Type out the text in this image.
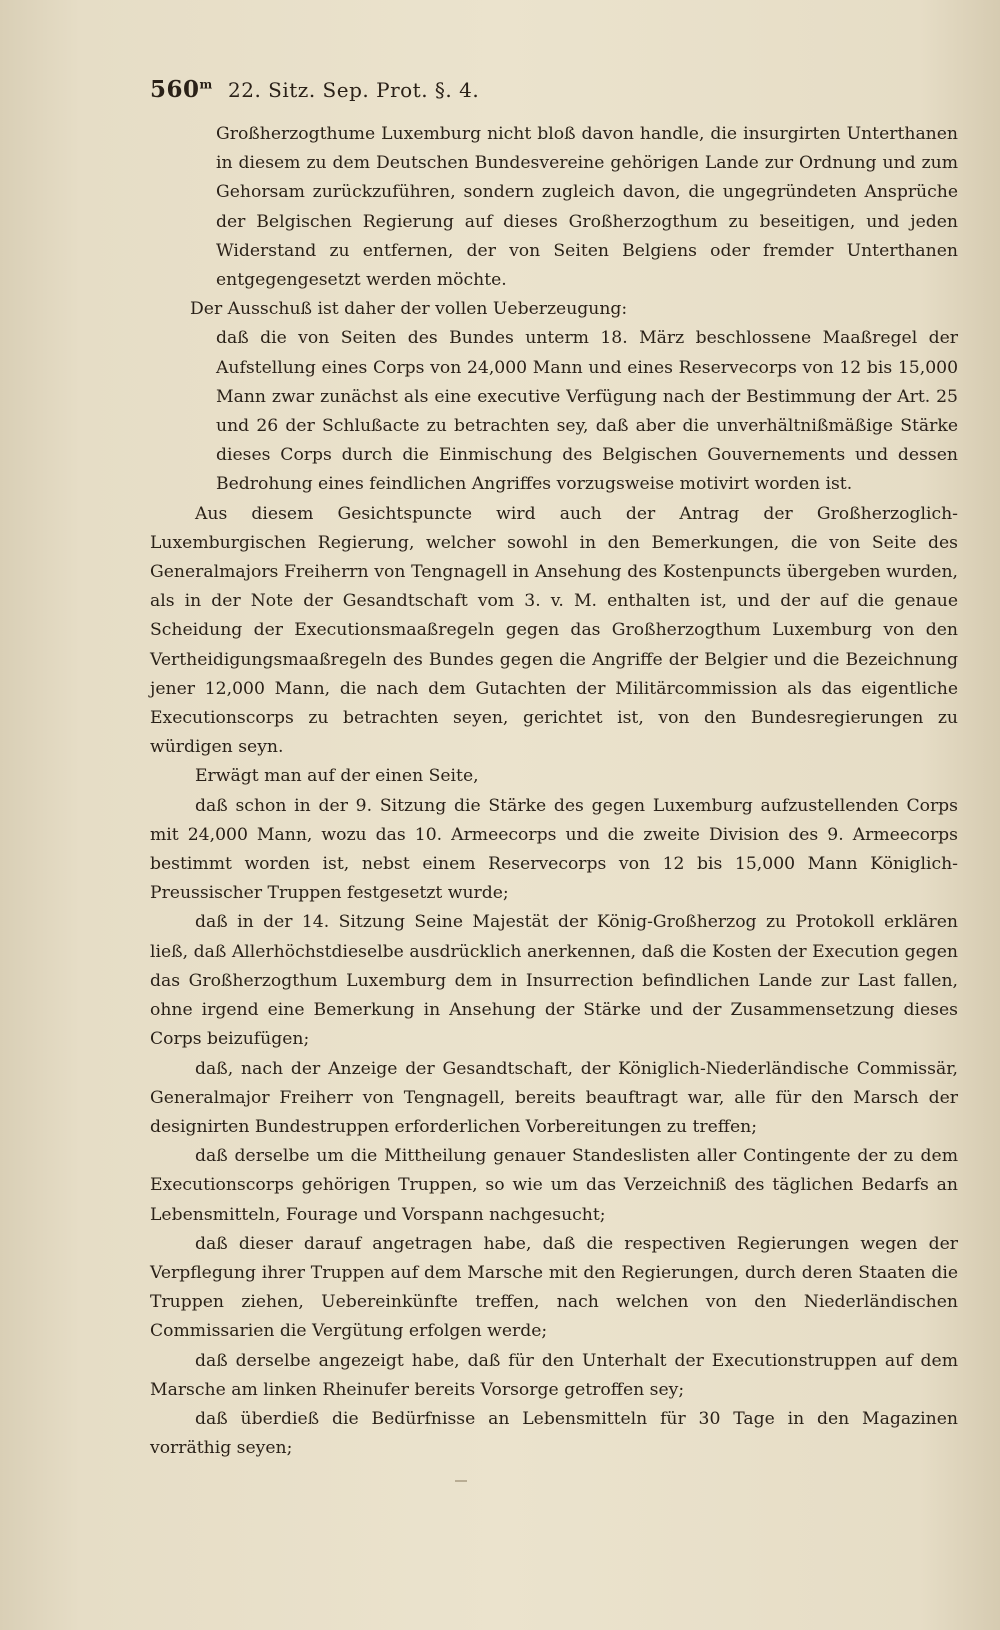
560$^m$ 22. Sitz. Sep. Prot. §. 4.

Großherzogthume Luxemburg nicht bloß davon handle, die insurgirten Unterthanen in diesem zu dem Deutschen Bundesvereine gehörigen Lande zur Ordnung und zum Gehorsam zurückzuführen, sondern zugleich davon, die ungegründeten Ansprüche der Belgischen Regierung auf dieses Großherzogthum zu beseitigen, und jeden Widerstand zu entfernen, der von Seiten Belgiens oder fremder Unterthanen entgegengesetzt werden möchte.

Der Ausschuß ist daher der vollen Ueberzeugung:

daß die von Seiten des Bundes unterm 18. März beschlossene Maaßregel der Aufstellung eines Corps von 24,000 Mann und eines Reservecorps von 12 bis 15,000 Mann zwar zunächst als eine executive Verfügung nach der Bestimmung der Art. 25 und 26 der Schlußacte zu betrachten sey, daß aber die unverhältnißmäßige Stärke dieses Corps durch die Einmischung des Belgischen Gouvernements und dessen Bedrohung eines feindlichen Angriffes vorzugsweise motivirt worden ist.

Aus diesem Gesichtspuncte wird auch der Antrag der Großherzoglich-Luxemburgischen Regierung, welcher sowohl in den Bemerkungen, die von Seite des Generalmajors Freiherrn von Tengnagell in Ansehung des Kostenpuncts übergeben wurden, als in der Note der Gesandtschaft vom 3. v. M. enthalten ist, und der auf die genaue Scheidung der Executionsmaaßregeln gegen das Großherzogthum Luxemburg von den Vertheidigungsmaaßregeln des Bundes gegen die Angriffe der Belgier und die Bezeichnung jener 12,000 Mann, die nach dem Gutachten der Militärcommission als das eigentliche Executionscorps zu betrachten seyen, gerichtet ist, von den Bundesregierungen zu würdigen seyn.

Erwägt man auf der einen Seite,

daß schon in der 9. Sitzung die Stärke des gegen Luxemburg aufzustellenden Corps mit 24,000 Mann, wozu das 10. Armeecorps und die zweite Division des 9. Armeecorps bestimmt worden ist, nebst einem Reservecorps von 12 bis 15,000 Mann Königlich-Preussischer Truppen festgesetzt wurde;

daß in der 14. Sitzung Seine Majestät der König-Großherzog zu Protokoll erklären ließ, daß Allerhöchstdieselbe ausdrücklich anerkennen, daß die Kosten der Execution gegen das Großherzogthum Luxemburg dem in Insurrection befindlichen Lande zur Last fallen, ohne irgend eine Bemerkung in Ansehung der Stärke und der Zusammensetzung dieses Corps beizufügen;

daß, nach der Anzeige der Gesandtschaft, der Königlich-Niederländische Commissär, Generalmajor Freiherr von Tengnagell, bereits beauftragt war, alle für den Marsch der designirten Bundestruppen erforderlichen Vorbereitungen zu treffen;

daß derselbe um die Mittheilung genauer Standeslisten aller Contingente der zu dem Executionscorps gehörigen Truppen, so wie um das Verzeichniß des täglichen Bedarfs an Lebensmitteln, Fourage und Vorspann nachgesucht;

daß dieser darauf angetragen habe, daß die respectiven Regierungen wegen der Verpflegung ihrer Truppen auf dem Marsche mit den Regierungen, durch deren Staaten die Truppen ziehen, Uebereinkünfte treffen, nach welchen von den Niederländischen Commissarien die Vergütung erfolgen werde;

daß derselbe angezeigt habe, daß für den Unterhalt der Executionstruppen auf dem Marsche am linken Rheinufer bereits Vorsorge getroffen sey;

daß überdieß die Bedürfnisse an Lebensmitteln für 30 Tage in den Magazinen vorräthig seyen;
